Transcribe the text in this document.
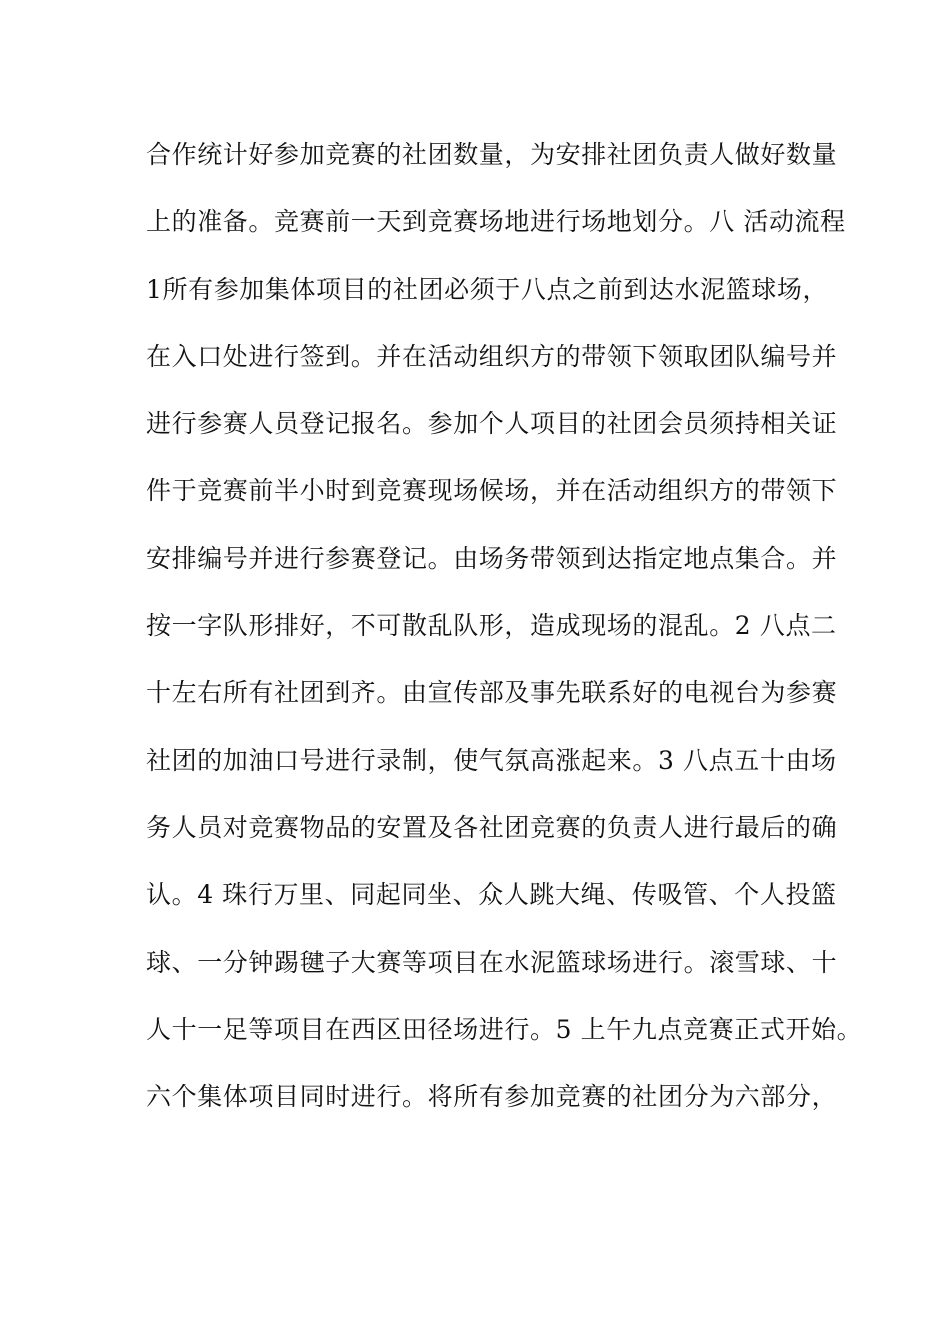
合作统计好参加竞赛的社团数量，为安排社团负责人做好数量
上的准备。竞赛前一天到竞赛场地进行场地划分。八 活动流程
1所有参加集体项目的社团必须于八点之前到达水泥篮球场，
在入口处进行签到。并在活动组织方的带领下领取团队编号并
进行参赛人员登记报名。参加个人项目的社团会员须持相关证
件于竞赛前半小时到竞赛现场候场，并在活动组织方的带领下
安排编号并进行参赛登记。由场务带领到达指定地点集合。并
按一字队形排好，不可散乱队形，造成现场的混乱。2 八点二
十左右所有社团到齐。由宣传部及事先联系好的电视台为参赛
社团的加油口号进行录制，使气氛高涨起来。3 八点五十由场
务人员对竞赛物品的安置及各社团竞赛的负责人进行最后的确
认。4 珠行万里、同起同坐、众人跳大绳、传吸管、个人投篮
球、一分钟踢毽子大赛等项目在水泥篮球场进行。滚雪球、十
人十一足等项目在西区田径场进行。5 上午九点竞赛正式开始。
六个集体项目同时进行。将所有参加竞赛的社团分为六部分，
